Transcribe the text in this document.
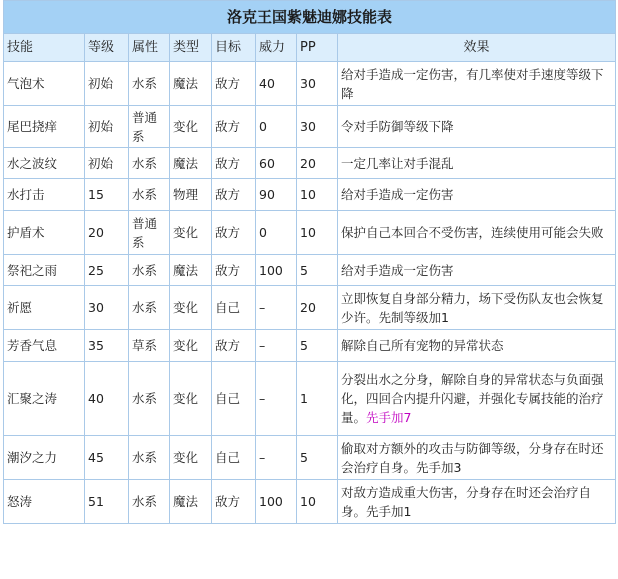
洛克王国紫魅迪娜技能表							
技能	等级	属性	类型	目标	威力	PP	效果
气泡术	初始	水系	魔法	敌方	40	30	给对手造成一定伤害，有几率使对手速度等级下降
尾巴挠痒	初始	普通系	变化	敌方	0	30	令对手防御等级下降
水之波纹	初始	水系	魔法	敌方	60	20	一定几率让对手混乱
水打击	15	水系	物理	敌方	90	10	给对手造成一定伤害
护盾术	20	普通系	变化	敌方	0	10	保护自己本回合不受伤害，连续使用可能会失败
祭祀之雨	25	水系	魔法	敌方	100	5	给对手造成一定伤害
祈愿	30	水系	变化	自己	–	20	立即恢复自身部分精力，场下受伤队友也会恢复少许。先制等级加1
芳香气息	35	草系	变化	敌方	–	5	解除自己所有宠物的异常状态
汇聚之涛	40	水系	变化	自己	–	1	分裂出水之分身，解除自身的异常状态与负面强化，四回合内提升闪避，并强化专属技能的治疗量。先手加7
潮汐之力	45	水系	变化	自己	–	5	偷取对方额外的攻击与防御等级，分身存在时还会治疗自身。先手加3
怒涛	51	水系	魔法	敌方	100	10	对敌方造成重大伤害，分身存在时还会治疗自身。先手加1
